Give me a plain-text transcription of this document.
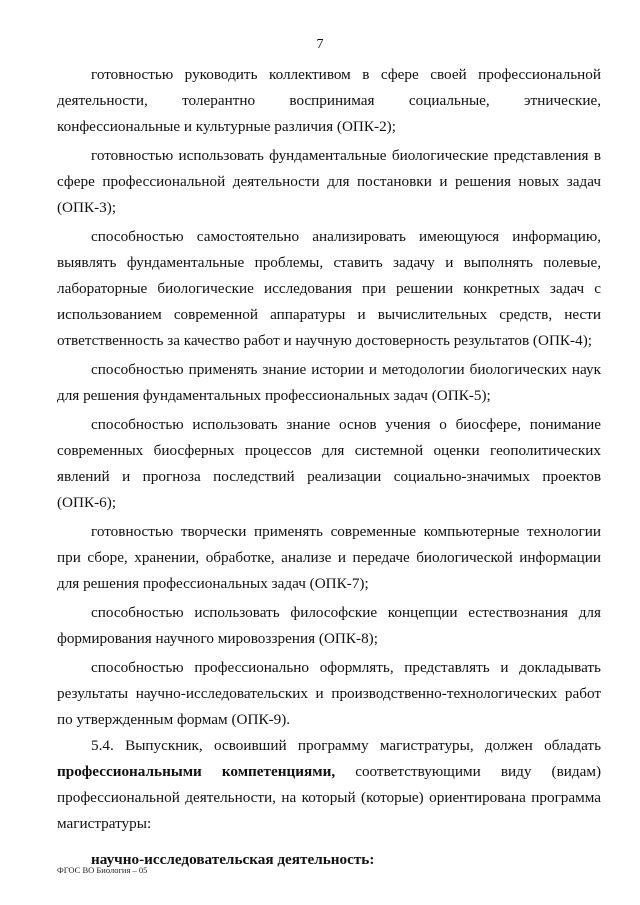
7

готовностью руководить коллективом в сфере своей профессиональной деятельности, толерантно воспринимая социальные, этнические, конфессиональные и культурные различия (ОПК-2);

готовностью использовать фундаментальные биологические представления в сфере профессиональной деятельности для постановки и решения новых задач (ОПК-3);

способностью самостоятельно анализировать имеющуюся информацию, выявлять фундаментальные проблемы, ставить задачу и выполнять полевые, лабораторные биологические исследования при решении конкретных задач с использованием современной аппаратуры и вычислительных средств, нести ответственность за качество работ и научную достоверность результатов (ОПК-4);

способностью применять знание истории и методологии биологических наук для решения фундаментальных профессиональных задач (ОПК-5);

способностью использовать знание основ учения о биосфере, понимание современных биосферных процессов для системной оценки геополитических явлений и прогноза последствий реализации социально-значимых проектов (ОПК-6);

готовностью творчески применять современные компьютерные технологии при сборе, хранении, обработке, анализе и передаче биологической информации для решения профессиональных задач (ОПК-7);

способностью использовать философские концепции естествознания для формирования научного мировоззрения (ОПК-8);

способностью профессионально оформлять, представлять и докладывать результаты научно-исследовательских и производственно-технологических работ по утвержденным формам (ОПК-9).

5.4. Выпускник, освоивший программу магистратуры, должен обладать профессиональными компетенциями, соответствующими виду (видам) профессиональной деятельности, на который (которые) ориентирована программа магистратуры:

научно-исследовательская деятельность:

ФГОС ВО Биология – 05
